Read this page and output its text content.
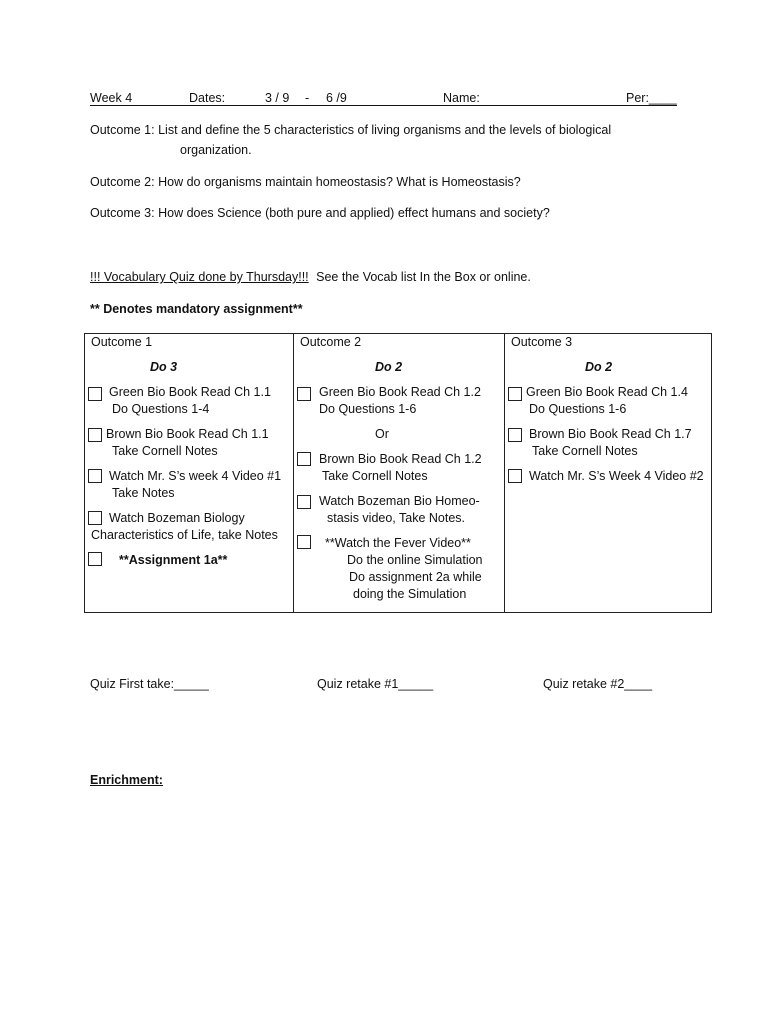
Week 4	Dates:	3 / 9 - 6 /9	Name:	Per:____
Outcome 1: List and define the 5 characteristics of living organisms and the levels of biological
organization.
Outcome 2: How do organisms maintain homeostasis? What is Homeostasis?
Outcome 3: How does Science (both pure and applied) effect humans and society?
!!! Vocabulary Quiz done by Thursday!!! See the Vocab list In the Box or online.
** Denotes mandatory assignment**
Outcome 1
Do 3
Green Bio Book Read Ch 1.1
Do Questions 1-4
Brown Bio Book Read Ch 1.1
Take Cornell Notes
Watch Mr. S’s week 4 Video #1
Take Notes
Watch Bozeman Biology
Characteristics of Life, take Notes
**Assignment 1a**

Outcome 2
Do 2
Green Bio Book Read Ch 1.2
Do Questions 1-6
Or
Brown Bio Book Read Ch 1.2
Take Cornell Notes
Watch Bozeman Bio Homeo-
stasis video, Take Notes.
**Watch the Fever Video**
Do the online Simulation
Do assignment 2a while
doing the Simulation

Outcome 3
Do 2
Green Bio Book Read Ch 1.4
Do Questions 1-6
Brown Bio Book Read Ch 1.7
Take Cornell Notes
Watch Mr. S’s Week 4 Video #2
Quiz First take:_____	Quiz retake #1_____	Quiz retake #2____
Enrichment:
